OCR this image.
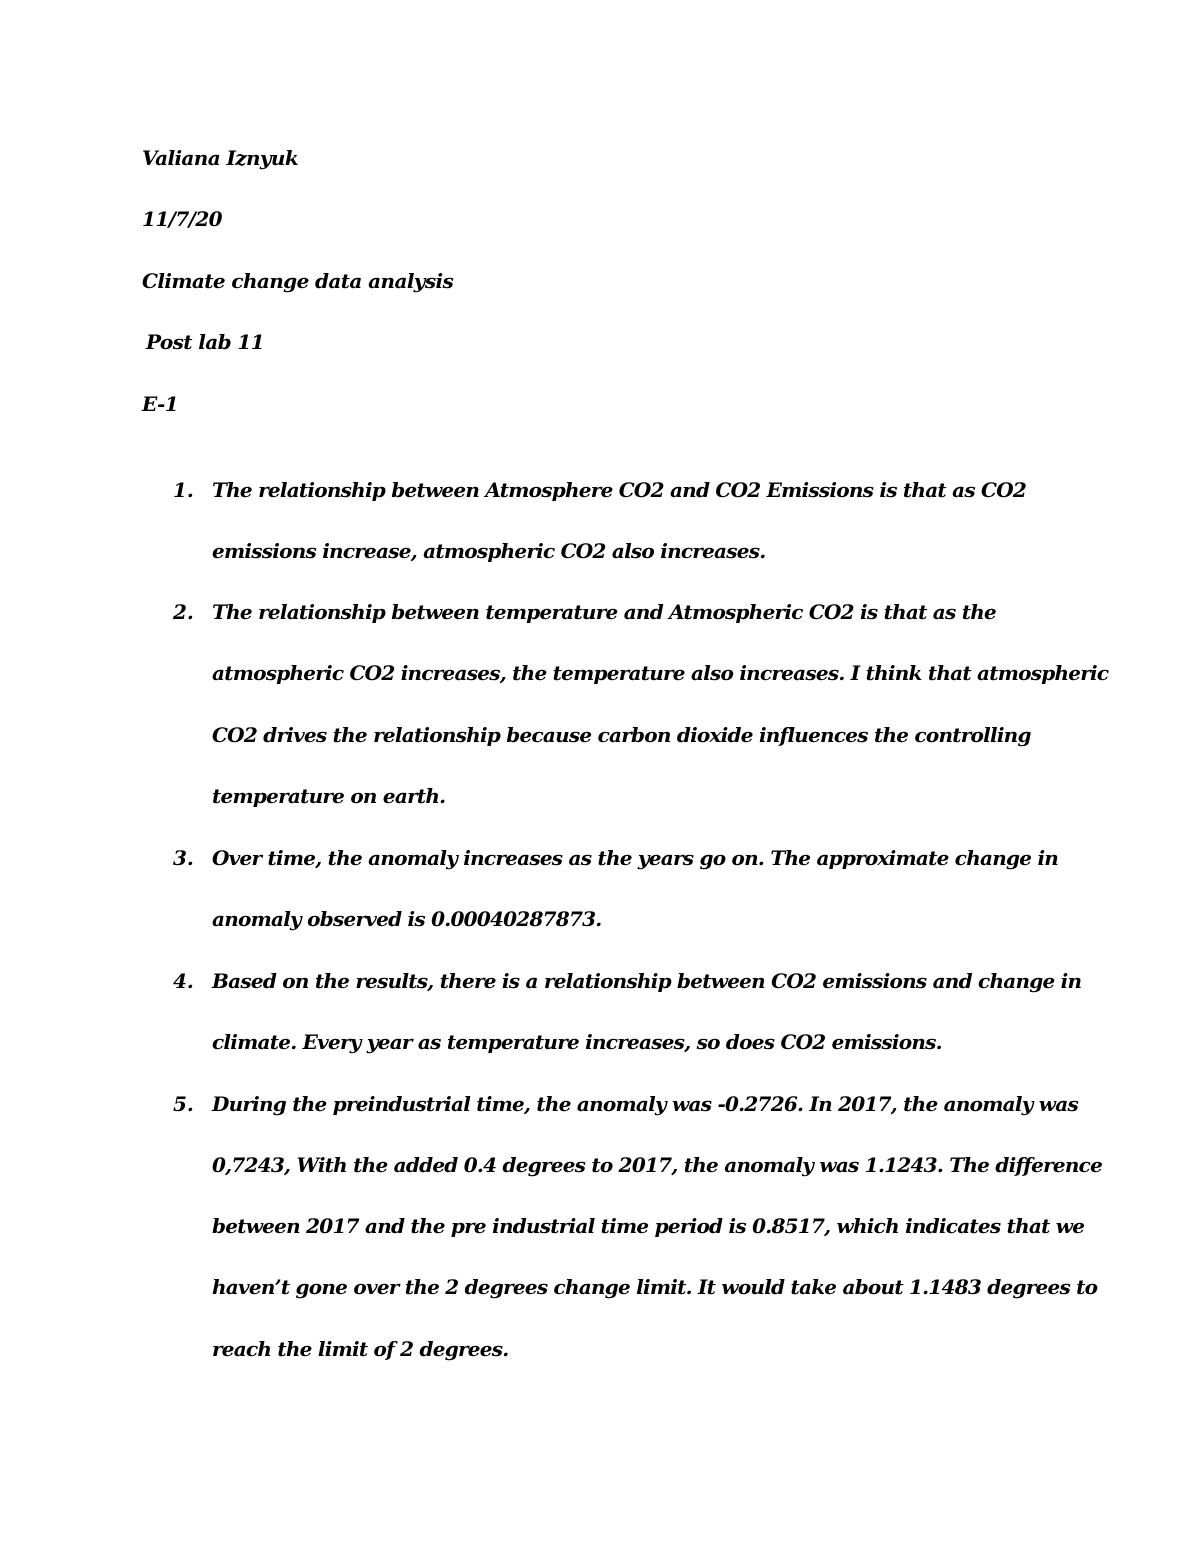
Valiana Iznyuk
11/7/20
Climate change data analysis
Post lab 11
E-1
1. The relationship between Atmosphere CO2 and CO2 Emissions is that as CO2
emissions increase, atmospheric CO2 also increases.
2. The relationship between temperature and Atmospheric CO2 is that as the
atmospheric CO2 increases, the temperature also increases. I think that atmospheric
CO2 drives the relationship because carbon dioxide influences the controlling
temperature on earth.
3. Over time, the anomaly increases as the years go on. The approximate change in
anomaly observed is 0.00040287873.
4. Based on the results, there is a relationship between CO2 emissions and change in
climate. Every year as temperature increases, so does CO2 emissions.
5. During the preindustrial time, the anomaly was -0.2726. In 2017, the anomaly was
0,7243, With the added 0.4 degrees to 2017, the anomaly was 1.1243. The difference
between 2017 and the pre industrial time period is 0.8517, which indicates that we
haven’t gone over the 2 degrees change limit. It would take about 1.1483 degrees to
reach the limit of 2 degrees.
